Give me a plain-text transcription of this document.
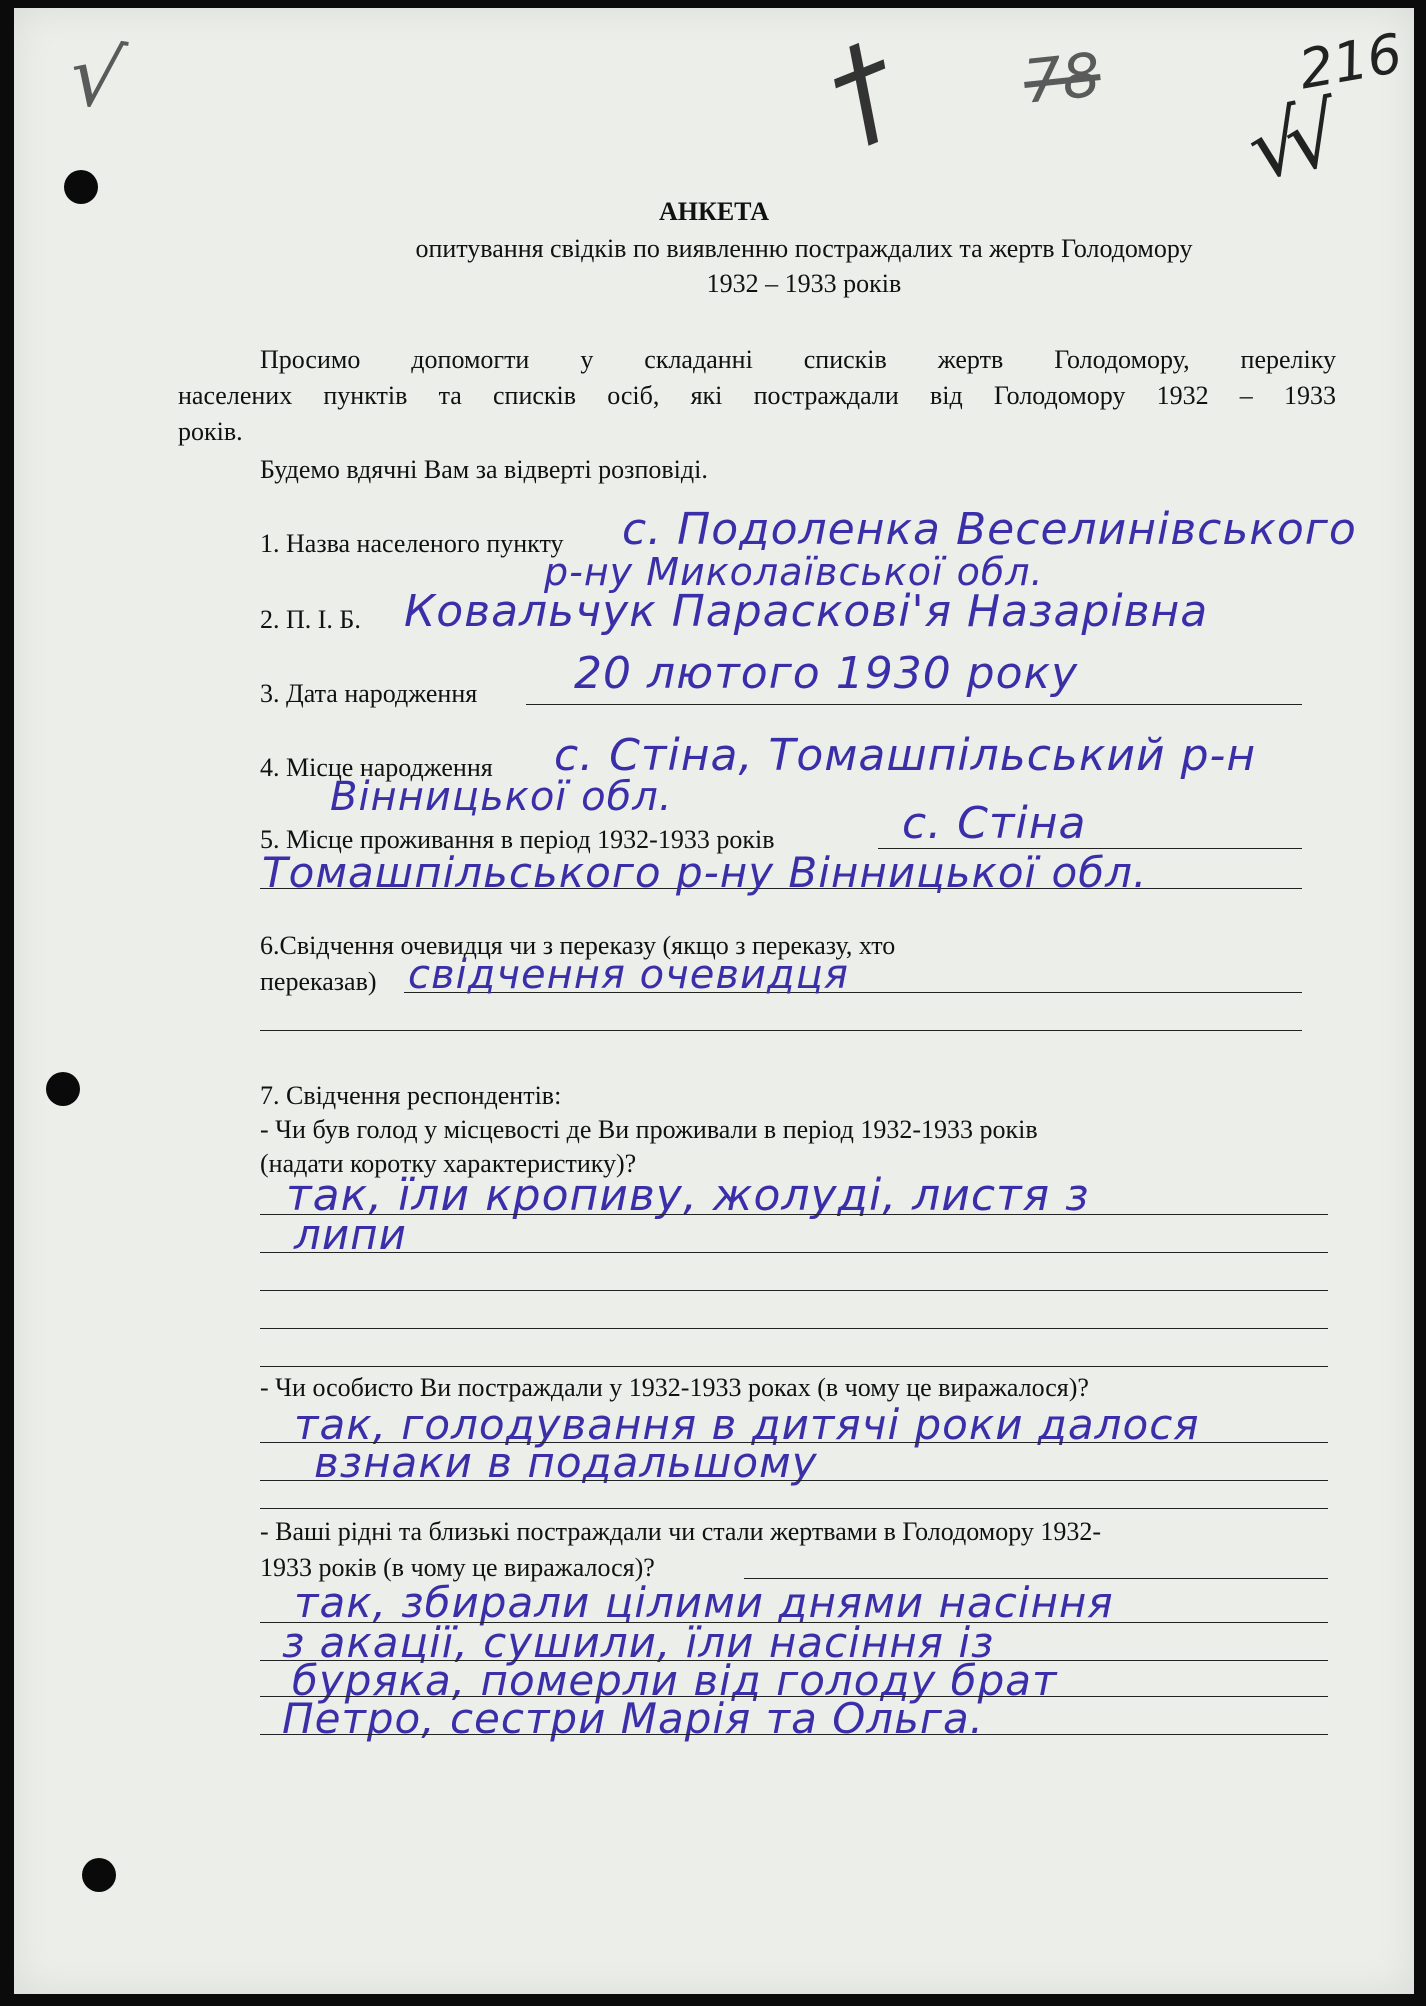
√	† 78	216
√√
АНКЕТА
опитування свідків по виявленню постраждалих та жертв Голодомору
1932 – 1933 років
Просимо допомогти у складанні списків жертв Голодомору, переліку
населених пунктів та списків осіб, які постраждали від Голодомору 1932 – 1933
років.
Будемо вдячні Вам за відверті розповіді.
1. Назва населеного пункту с. Подоленка Веселинівського
р-ну Миколаївської обл.
2. П. І. Б. Ковальчук Параскові'я Назарівна
3. Дата народження 20 лютого 1930 року
4. Місце народження с. Стіна, Томашпільський р-н
Вінницької обл.
5. Місце проживання в період 1932-1933 років	с. Стіна
Томашпільського р-ну Вінницької обл.
6.Свідчення очевидця чи з переказу (якщо з переказу, хто
переказав) свідчення очевидця
7. Свідчення респондентів:
- Чи був голод у місцевості де Ви проживали в період 1932-1933 років
(надати коротку характеристику)?
так, їли кропиву, жолуді, листя з
липи
- Чи особисто Ви постраждали у 1932-1933 роках (в чому це виражалося)?
так, голодування в дитячі роки далося
взнаки в подальшому
- Ваші рідні та близькі постраждали чи стали жертвами в Голодомору 1932-
1933 років (в чому це виражалося)?
так, збирали цілими днями насіння
з акації, сушили, їли насіння із
буряка, померли від голоду брат
Петро, сестри Марія та Ольга.
